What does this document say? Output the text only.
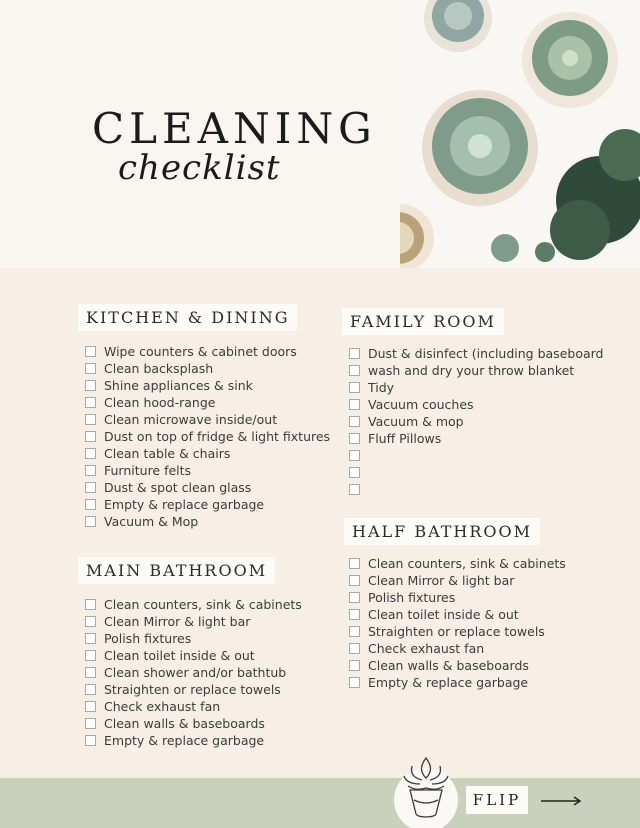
CLEANING
checklist
KITCHEN & DINING
Wipe counters & cabinet doors
Clean backsplash
Shine appliances & sink
Clean hood-range
Clean microwave inside/out
Dust on top of fridge & light fixtures
Clean table & chairs
Furniture felts
Dust & spot clean glass
Empty & replace garbage
Vacuum & Mop
FAMILY ROOM
Dust & disinfect (including baseboard
wash and dry your throw blanket
Tidy
Vacuum couches
Vacuum & mop
Fluff Pillows
MAIN BATHROOM
Clean counters, sink & cabinets
Clean Mirror & light bar
Polish fixtures
Clean toilet inside & out
Clean shower and/or bathtub
Straighten or replace towels
Check exhaust fan
Clean walls & baseboards
Empty & replace garbage
HALF BATHROOM
Clean counters, sink & cabinets
Clean Mirror & light bar
Polish fixtures
Clean toilet inside & out
Straighten or replace towels
Check exhaust fan
Clean walls & baseboards
Empty & replace garbage
FLIP
